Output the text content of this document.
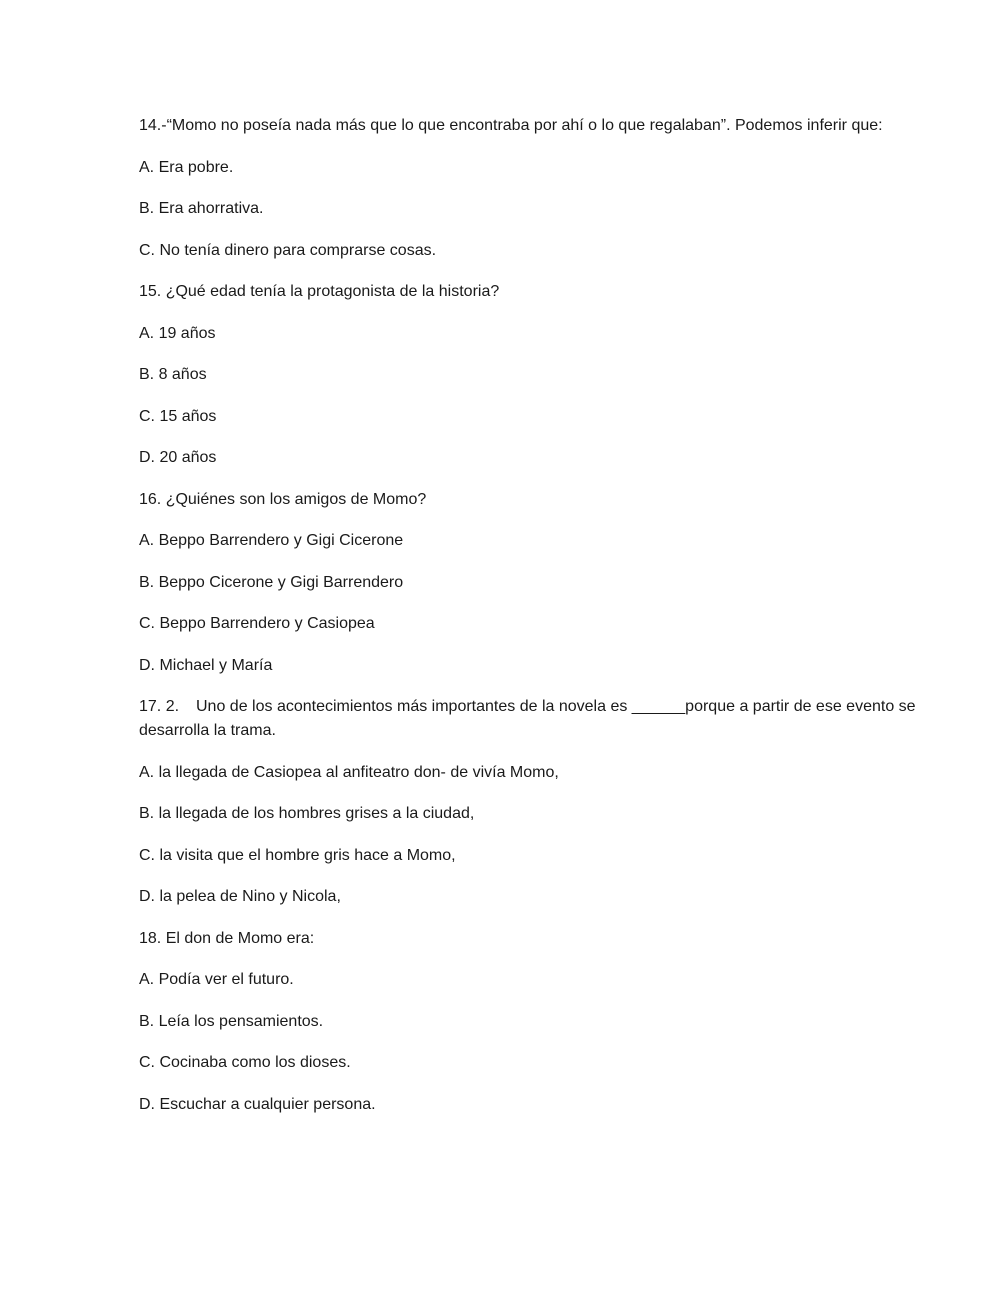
14.-“Momo no poseía nada más que lo que encontraba por ahí o lo que regalaban”. Podemos inferir que:

A. Era pobre.

B. Era ahorrativa.

C. No tenía dinero para comprarse cosas.

15. ¿Qué edad tenía la protagonista de la historia?

A. 19 años

B. 8 años

C. 15 años

D. 20 años

16. ¿Quiénes son los amigos de Momo?

A. Beppo Barrendero y Gigi Cicerone

B. Beppo Cicerone y Gigi Barrendero

C. Beppo Barrendero y Casiopea

D. Michael y María

17. 2. Uno de los acontecimientos más importantes de la novela es ______porque a partir de ese evento se desarrolla la trama.

A. la llegada de Casiopea al anfiteatro don- de vivía Momo,

B. la llegada de los hombres grises a la ciudad,

C. la visita que el hombre gris hace a Momo,

D. la pelea de Nino y Nicola,

18. El don de Momo era:

A. Podía ver el futuro.

B. Leía los pensamientos.

C. Cocinaba como los dioses.

D. Escuchar a cualquier persona.
